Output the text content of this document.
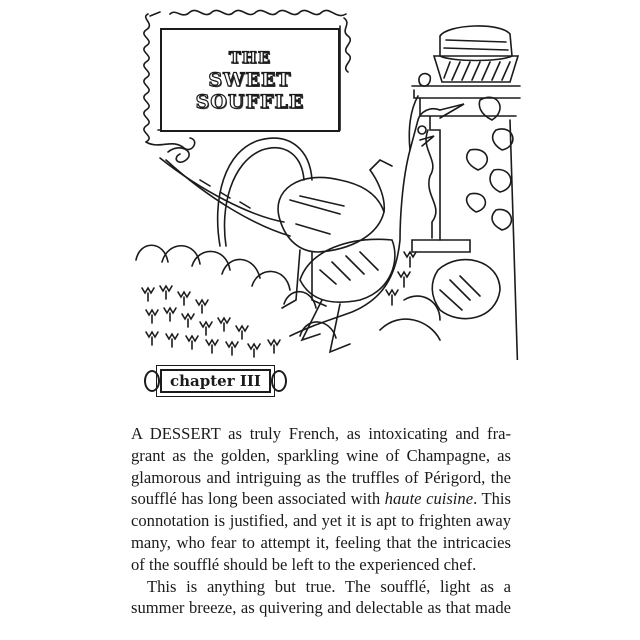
THE
SWEET
SOUFFLE
chapter III
A DESSERT as truly French, as intoxicating and fra-
grant as the golden, sparkling wine of Champagne, as
glamorous and intriguing as the truffles of Périgord, the
soufflé has long been associated with haute cuisine. This
connotation is justified, and yet it is apt to frighten away
many, who fear to attempt it, feeling that the intricacies
of the soufflé should be left to the experienced chef.
This is anything but true. The soufflé, light as a
summer breeze, as quivering and delectable as that made
